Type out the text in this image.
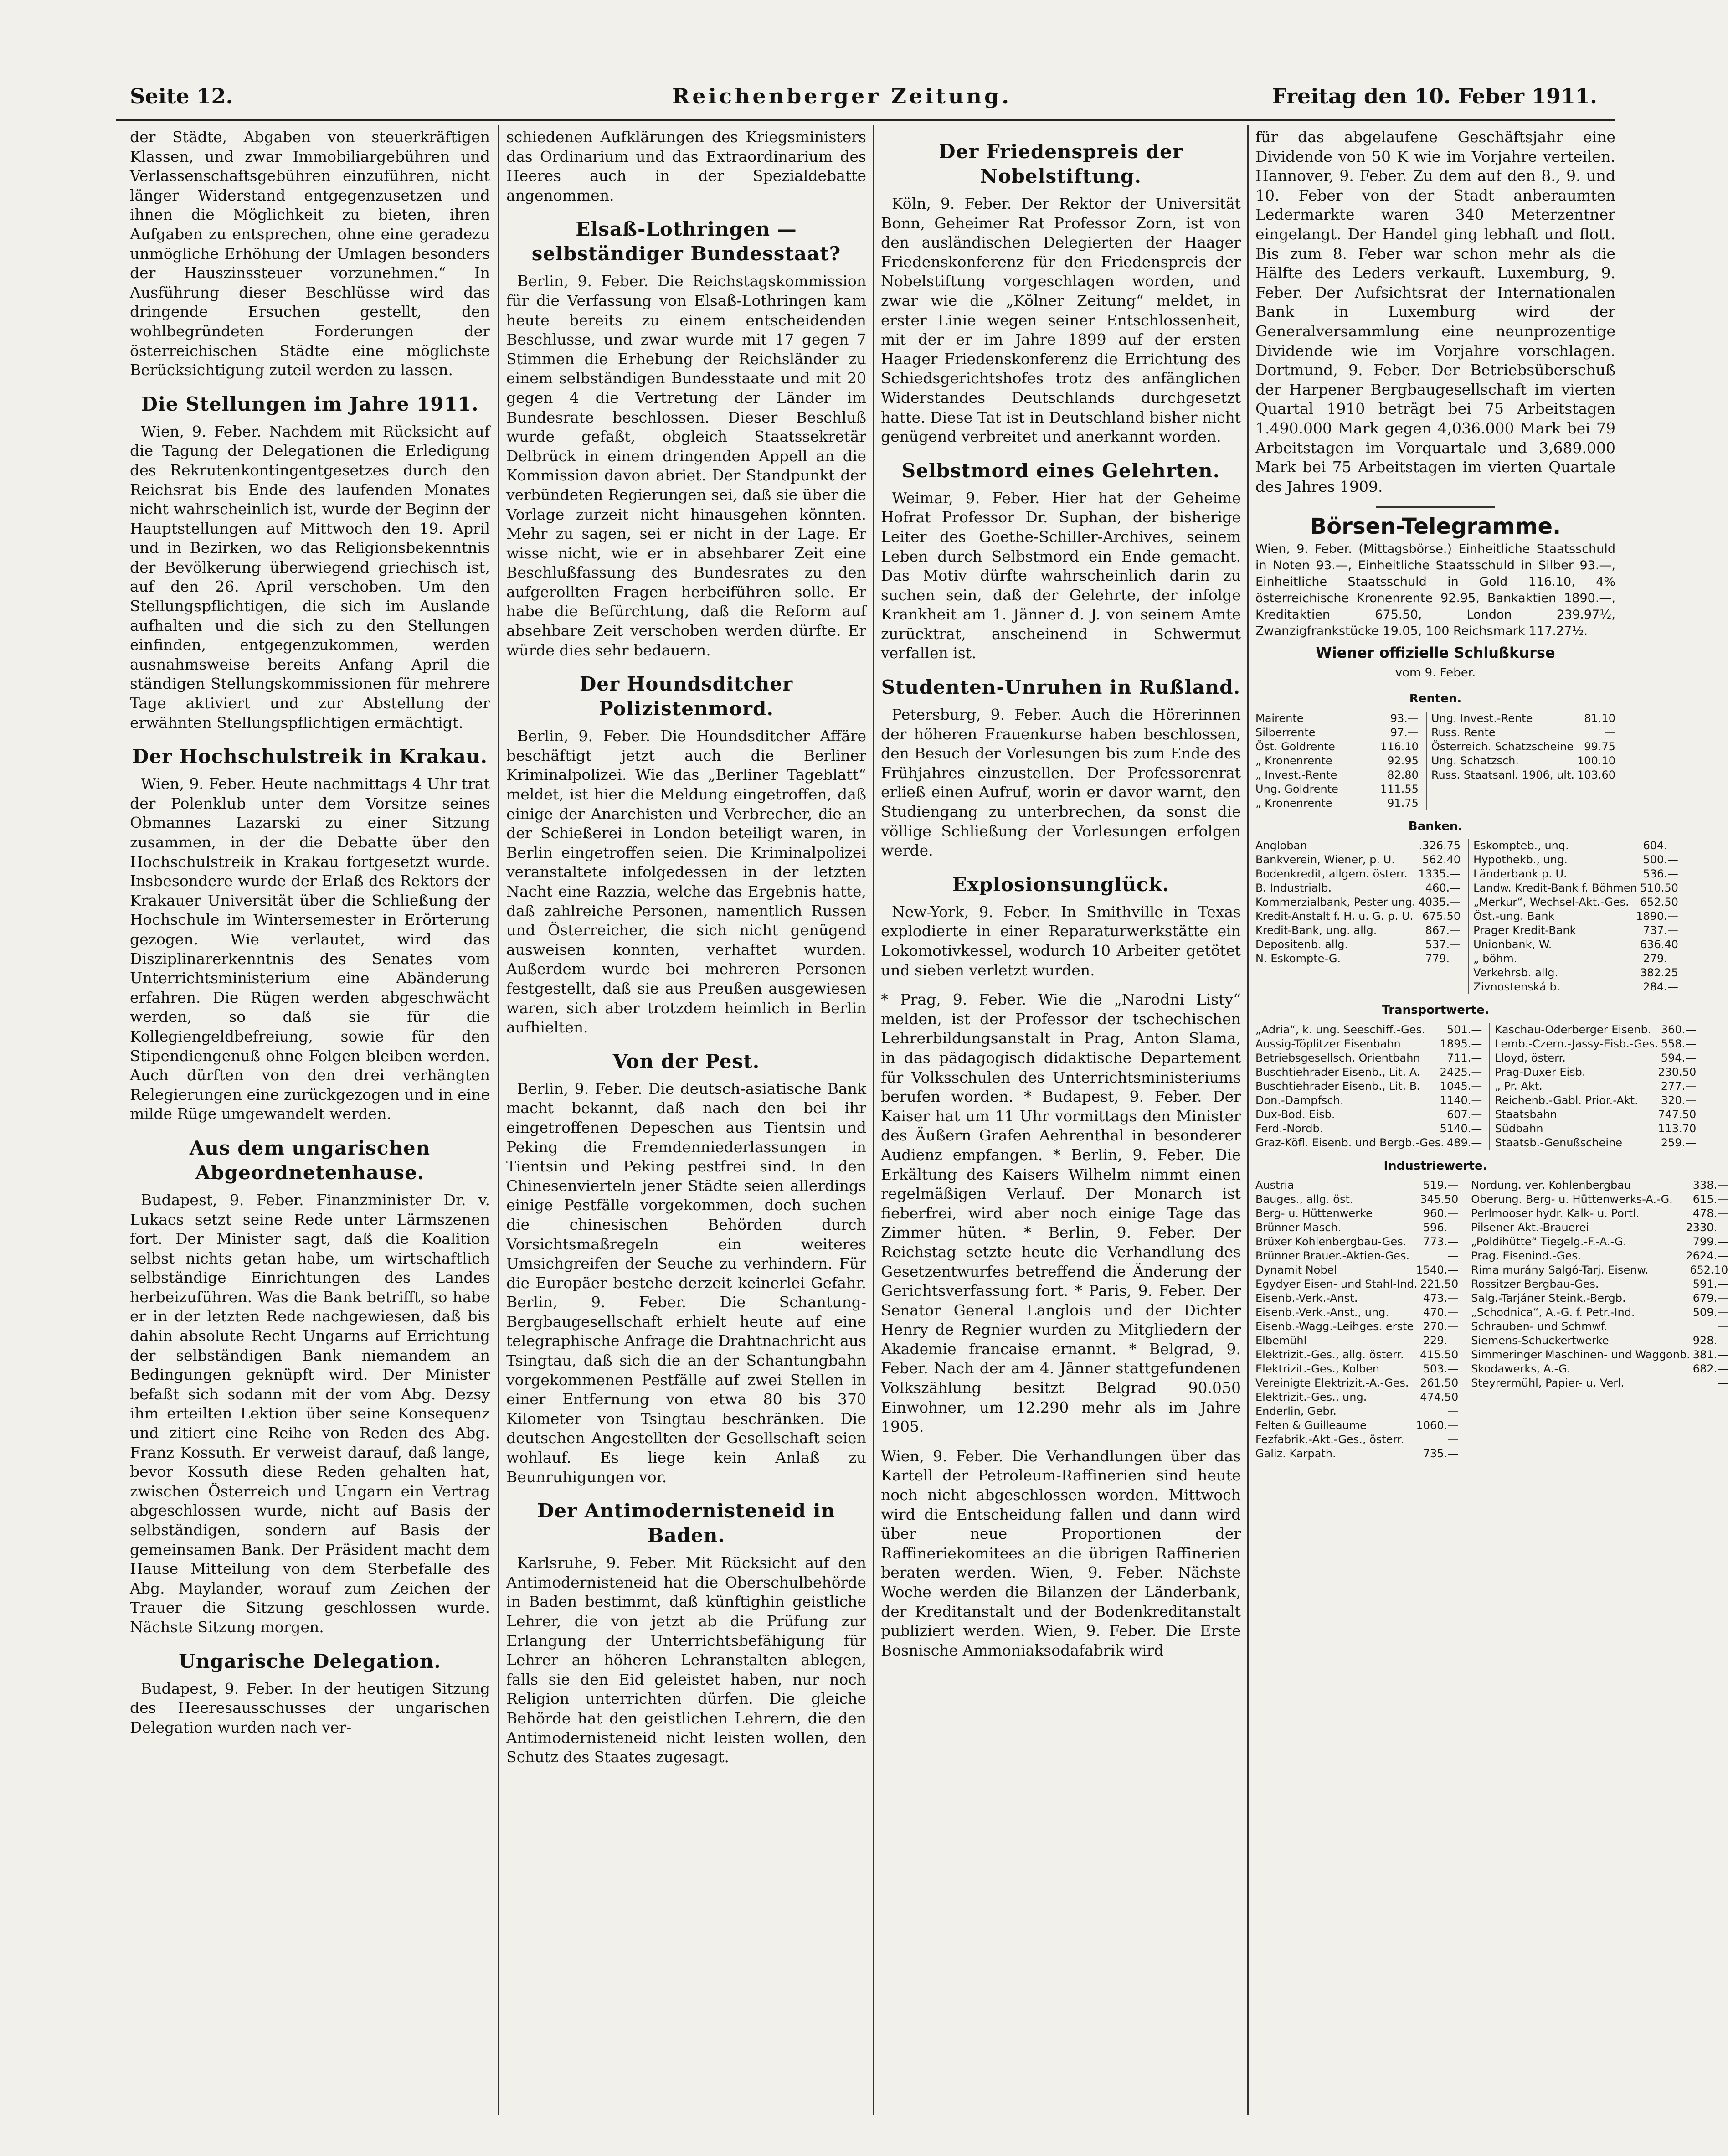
Seite 12.	Reichenberger Zeitung.	Freitag den 10. Feber 1911.

der Städte, Abgaben von steuerkräftigen Klassen, und zwar Immobiliargebühren und Verlassenschaftsgebühren einzuführen, nicht länger Widerstand entgegenzusetzen und ihnen die Möglichkeit zu bieten, ihren Aufgaben zu entsprechen, ohne eine geradezu unmögliche Erhöhung der Umlagen besonders der Hauszinssteuer vorzunehmen.“ In Ausführung dieser Beschlüsse wird das dringende Ersuchen gestellt, den wohlbegründeten Forderungen der österreichischen Städte eine möglichste Berücksichtigung zuteil werden zu lassen.

Die Stellungen im Jahre 1911.

Wien, 9. Feber. Nachdem mit Rücksicht auf die Tagung der Delegationen die Erledigung des Rekrutenkontingentgesetzes durch den Reichsrat bis Ende des laufenden Monates nicht wahrscheinlich ist, wurde der Beginn der Hauptstellungen auf Mittwoch den 19. April und in Bezirken, wo das Religionsbekenntnis der Bevölkerung überwiegend griechisch ist, auf den 26. April verschoben. Um den Stellungspflichtigen, die sich im Auslande aufhalten und die sich zu den Stellungen einfinden, entgegenzukommen, werden ausnahmsweise bereits Anfang April die ständigen Stellungskommissionen für mehrere Tage aktiviert und zur Abstellung der erwähnten Stellungspflichtigen ermächtigt.

Der Hochschulstreik in Krakau.

Wien, 9. Feber. Heute nachmittags 4 Uhr trat der Polenklub unter dem Vorsitze seines Obmannes Lazarski zu einer Sitzung zusammen, in der die Debatte über den Hochschulstreik in Krakau fortgesetzt wurde. Insbesondere wurde der Erlaß des Rektors der Krakauer Universität über die Schließung der Hochschule im Wintersemester in Erörterung gezogen. Wie verlautet, wird das Disziplinarerkenntnis des Senates vom Unterrichtsministerium eine Abänderung erfahren. Die Rügen werden abgeschwächt werden, so daß sie für die Kollegiengeldbefreiung, sowie für den Stipendiengenuß ohne Folgen bleiben werden. Auch dürften von den drei verhängten Relegierungen eine zurückgezogen und in eine milde Rüge umgewandelt werden.

Aus dem ungarischen Abgeordnetenhause.

Budapest, 9. Feber. Finanzminister Dr. v. Lukacs setzt seine Rede unter Lärmszenen fort. Der Minister sagt, daß die Koalition selbst nichts getan habe, um wirtschaftlich selbständige Einrichtungen des Landes herbeizuführen. Was die Bank betrifft, so habe er in der letzten Rede nachgewiesen, daß bis dahin absolute Recht Ungarns auf Errichtung der selbständigen Bank niemandem an Bedingungen geknüpft wird. Der Minister befaßt sich sodann mit der vom Abg. Dezsy ihm erteilten Lektion über seine Konsequenz und zitiert eine Reihe von Reden des Abg. Franz Kossuth. Er verweist darauf, daß lange, bevor Kossuth diese Reden gehalten hat, zwischen Österreich und Ungarn ein Vertrag abgeschlossen wurde, nicht auf Basis der selbständigen, sondern auf Basis der gemeinsamen Bank. Der Präsident macht dem Hause Mitteilung von dem Sterbefalle des Abg. Maylander, worauf zum Zeichen der Trauer die Sitzung geschlossen wurde. Nächste Sitzung morgen.

Ungarische Delegation.

Budapest, 9. Feber. In der heutigen Sitzung des Heeresausschusses der ungarischen Delegation wurden nach ver-

schiedenen Aufklärungen des Kriegsministers das Ordinarium und das Extraordinarium des Heeres auch in der Spezialdebatte angenommen.

Elsaß-Lothringen — selbständiger Bundesstaat?

Berlin, 9. Feber. Die Reichstagskommission für die Verfassung von Elsaß-Lothringen kam heute bereits zu einem entscheidenden Beschlusse, und zwar wurde mit 17 gegen 7 Stimmen die Erhebung der Reichsländer zu einem selbständigen Bundesstaate und mit 20 gegen 4 die Vertretung der Länder im Bundesrate beschlossen. Dieser Beschluß wurde gefaßt, obgleich Staatssekretär Delbrück in einem dringenden Appell an die Kommission davon abriet. Der Standpunkt der verbündeten Regierungen sei, daß sie über die Vorlage zurzeit nicht hinausgehen könnten. Mehr zu sagen, sei er nicht in der Lage. Er wisse nicht, wie er in absehbarer Zeit eine Beschlußfassung des Bundesrates zu den aufgerollten Fragen herbeiführen solle. Er habe die Befürchtung, daß die Reform auf absehbare Zeit verschoben werden dürfte. Er würde dies sehr bedauern.

Der Houndsditcher Polizistenmord.

Berlin, 9. Feber. Die Houndsditcher Affäre beschäftigt jetzt auch die Berliner Kriminalpolizei. Wie das „Berliner Tageblatt“ meldet, ist hier die Meldung eingetroffen, daß einige der Anarchisten und Verbrecher, die an der Schießerei in London beteiligt waren, in Berlin eingetroffen seien. Die Kriminalpolizei veranstaltete infolgedessen in der letzten Nacht eine Razzia, welche das Ergebnis hatte, daß zahlreiche Personen, namentlich Russen und Österreicher, die sich nicht genügend ausweisen konnten, verhaftet wurden. Außerdem wurde bei mehreren Personen festgestellt, daß sie aus Preußen ausgewiesen waren, sich aber trotzdem heimlich in Berlin aufhielten.

Von der Pest.

Berlin, 9. Feber. Die deutsch-asiatische Bank macht bekannt, daß nach den bei ihr eingetroffenen Depeschen aus Tientsin und Peking die Fremdenniederlassungen in Tientsin und Peking pestfrei sind. In den Chinesenvierteln jener Städte seien allerdings einige Pestfälle vorgekommen, doch suchen die chinesischen Behörden durch Vorsichtsmaßregeln ein weiteres Umsichgreifen der Seuche zu verhindern. Für die Europäer bestehe derzeit keinerlei Gefahr. Berlin, 9. Feber. Die Schantung-Bergbaugesellschaft erhielt heute auf eine telegraphische Anfrage die Drahtnachricht aus Tsingtau, daß sich die an der Schantungbahn vorgekommenen Pestfälle auf zwei Stellen in einer Entfernung von etwa 80 bis 370 Kilometer von Tsingtau beschränken. Die deutschen Angestellten der Gesellschaft seien wohlauf. Es liege kein Anlaß zu Beunruhigungen vor.

Der Antimodernisteneid in Baden.

Karlsruhe, 9. Feber. Mit Rücksicht auf den Antimodernisteneid hat die Oberschulbehörde in Baden bestimmt, daß künftighin geistliche Lehrer, die von jetzt ab die Prüfung zur Erlangung der Unterrichtsbefähigung für Lehrer an höheren Lehranstalten ablegen, falls sie den Eid geleistet haben, nur noch Religion unterrichten dürfen. Die gleiche Behörde hat den geistlichen Lehrern, die den Antimodernisteneid nicht leisten wollen, den Schutz des Staates zugesagt.

Der Friedenspreis der Nobelstiftung.

Köln, 9. Feber. Der Rektor der Universität Bonn, Geheimer Rat Professor Zorn, ist von den ausländischen Delegierten der Haager Friedenskonferenz für den Friedenspreis der Nobelstiftung vorgeschlagen worden, und zwar wie die „Kölner Zeitung“ meldet, in erster Linie wegen seiner Entschlossenheit, mit der er im Jahre 1899 auf der ersten Haager Friedenskonferenz die Errichtung des Schiedsgerichtshofes trotz des anfänglichen Widerstandes Deutschlands durchgesetzt hatte. Diese Tat ist in Deutschland bisher nicht genügend verbreitet und anerkannt worden.

Selbstmord eines Gelehrten.

Weimar, 9. Feber. Hier hat der Geheime Hofrat Professor Dr. Suphan, der bisherige Leiter des Goethe-Schiller-Archives, seinem Leben durch Selbstmord ein Ende gemacht. Das Motiv dürfte wahrscheinlich darin zu suchen sein, daß der Gelehrte, der infolge Krankheit am 1. Jänner d. J. von seinem Amte zurücktrat, anscheinend in Schwermut verfallen ist.

Studenten-Unruhen in Rußland.

Petersburg, 9. Feber. Auch die Hörerinnen der höheren Frauenkurse haben beschlossen, den Besuch der Vorlesungen bis zum Ende des Frühjahres einzustellen. Der Professorenrat erließ einen Aufruf, worin er davor warnt, den Studiengang zu unterbrechen, da sonst die völlige Schließung der Vorlesungen erfolgen werde.

Explosionsunglück.

New-York, 9. Feber. In Smithville in Texas explodierte in einer Reparaturwerkstätte ein Lokomotivkessel, wodurch 10 Arbeiter getötet und sieben verletzt wurden.

* Prag, 9. Feber. Wie die „Narodni Listy“ melden, ist der Professor der tschechischen Lehrerbildungsanstalt in Prag, Anton Slama, in das pädagogisch didaktische Departement für Volksschulen des Unterrichtsministeriums berufen worden. * Budapest, 9. Feber. Der Kaiser hat um 11 Uhr vormittags den Minister des Äußern Grafen Aehrenthal in besonderer Audienz empfangen. * Berlin, 9. Feber. Die Erkältung des Kaisers Wilhelm nimmt einen regelmäßigen Verlauf. Der Monarch ist fieberfrei, wird aber noch einige Tage das Zimmer hüten. * Berlin, 9. Feber. Der Reichstag setzte heute die Verhandlung des Gesetzentwurfes betreffend die Änderung der Gerichtsverfassung fort. * Paris, 9. Feber. Der Senator General Langlois und der Dichter Henry de Regnier wurden zu Mitgliedern der Akademie francaise ernannt. * Belgrad, 9. Feber. Nach der am 4. Jänner stattgefundenen Volkszählung besitzt Belgrad 90.050 Einwohner, um 12.290 mehr als im Jahre 1905.

Wien, 9. Feber. Die Verhandlungen über das Kartell der Petroleum-Raffinerien sind heute noch nicht abgeschlossen worden. Mittwoch wird die Entscheidung fallen und dann wird über neue Proportionen der Raffineriekomitees an die übrigen Raffinerien beraten werden. Wien, 9. Feber. Nächste Woche werden die Bilanzen der Länderbank, der Kreditanstalt und der Bodenkreditanstalt publiziert werden. Wien, 9. Feber. Die Erste Bosnische Ammoniaksodafabrik wird

für das abgelaufene Geschäftsjahr eine Dividende von 50 K wie im Vorjahre verteilen. Hannover, 9. Feber. Zu dem auf den 8., 9. und 10. Feber von der Stadt anberaumten Ledermarkte waren 340 Meterzentner eingelangt. Der Handel ging lebhaft und flott. Bis zum 8. Feber war schon mehr als die Hälfte des Leders verkauft. Luxemburg, 9. Feber. Der Aufsichtsrat der Internationalen Bank in Luxemburg wird der Generalversammlung eine neunprozentige Dividende wie im Vorjahre vorschlagen. Dortmund, 9. Feber. Der Betriebsüberschuß der Harpener Bergbaugesellschaft im vierten Quartal 1910 beträgt bei 75 Arbeitstagen 1.490.000 Mark gegen 4,036.000 Mark bei 79 Arbeitstagen im Vorquartale und 3,689.000 Mark bei 75 Arbeitstagen im vierten Quartale des Jahres 1909.

Börsen-Telegramme.

Wien, 9. Feber. (Mittagsbörse.) Einheitliche Staatsschuld in Noten 93.—, Einheitliche Staatsschuld in Silber 93.—, Einheitliche Staatsschuld in Gold 116.10, 4% österreichische Kronenrente 92.95, Bankaktien 1890.—, Kreditaktien 675.50, London 239.97½, Zwanzigfrankstücke 19.05, 100 Reichsmark 117.27½.

Wiener offizielle Schlußkurse
vom 9. Feber.
Renten.
Mairente	93.—
Silberrente	97.—
Öst. Goldrente	116.10
„ Kronenrente	92.95
„ Invest.-Rente	82.80
Ung. Goldrente	111.55
„ Kronenrente	91.75
Ung. Invest.-Rente	81.10
Russ. Rente	—
Österreich. Schatzscheine 99.75
Ung. Schatzsch.	100.10
Russ. Staatsanl. 1906, ult. 103.60
Banken.
Angloban	.326.75
Bankverein, Wiener, p. U.	562.40
Bodenkredit, allgem. österr. 1335.—
B. Industrialb.	460.—
Kommerzialbank, Pester ung. 4035.—
Kredit-Anstalt f. H. u. G. p. U. 675.50
Kredit-Bank, ung. allg.	867.—
Depositenb. allg.	537.—
N. Eskompte-G.	779.—
Eskompteb., ung.	604.—
Hypothekb., ung.	500.—
Länderbank p. U.	536.—
Landw. Kredit-Bank f. Böhmen 510.50
„Merkur“, Wechsel-Akt.-Ges. 652.50
Öst.-ung. Bank	1890.—
Prager Kredit-Bank	737.—
Unionbank, W.	636.40
„ böhm.	279.—
Verkehrsb. allg.	382.25
Zivnostenská b.	284.—
Transportwerte.
„Adria“, k. ung. Seeschiff.-Ges. 501.—
Aussig-Töplitzer Eisenbahn	1895.—
Betriebsgesellsch. Orientbahn 711.—
Buschtiehrader Eisenb., Lit. A. 2425.—
Buschtiehrader Eisenb., Lit. B. 1045.—
Don.-Dampfsch.	1140.—
Dux-Bod. Eisb.	607.—
Ferd.-Nordb.	5140.—
Graz-Köfl. Eisenb. und Bergb.-Ges. 489.—
Kaschau-Oderberger Eisenb. 360.—
Lemb.-Czern.-Jassy-Eisb.-Ges. 558.—
Lloyd, österr.	594.—
Prag-Duxer Eisb.	230.50
„ Pr. Akt.	277.—
Reichenb.-Gabl. Prior.-Akt. 320.—
Staatsbahn	747.50
Südbahn	113.70
Staatsb.-Genußscheine	259.—
Industriewerte.
Austria	519.—
Bauges., allg. öst.	345.50
Berg- u. Hüttenwerke	960.—
Brünner Masch.	596.—
Brüxer Kohlenbergbau-Ges. 773.—
Brünner Brauer.-Aktien-Ges.	—
Dynamit Nobel	1540.—
Egydyer Eisen- und Stahl-Ind. 221.50
Eisenb.-Verk.-Anst.	473.—
Eisenb.-Verk.-Anst., ung.	470.—
Eisenb.-Wagg.-Leihges. erste 270.—
Elbemühl	229.—
Elektrizit.-Ges., allg. österr. 415.50
Elektrizit.-Ges., Kolben	503.—
Vereinigte Elektrizit.-A.-Ges. 261.50
Elektrizit.-Ges., ung.	474.50
Enderlin, Gebr.	—
Felten & Guilleaume	1060.—
Fezfabrik.-Akt.-Ges., österr.	—
Galiz. Karpath.	735.—
Nordung. ver. Kohlenbergbau	338.—
Oberung. Berg- u. Hüttenwerks-A.-G. 615.—
Perlmooser hydr. Kalk- u. Portl.	478.—
Pilsener Akt.-Brauerei	2330.—
„Poldihütte“ Tiegelg.-F.-A.-G.	799.—
Prag. Eisenind.-Ges.	2624.—
Rima murány Salgó-Tarj. Eisenw.	652.10
Rossitzer Bergbau-Ges.	591.—
Salg.-Tarjáner Steink.-Bergb.	679.—
„Schodnica“, A.-G. f. Petr.-Ind.	509.—
Schrauben- und Schmwf.	—
Siemens-Schuckertwerke	928.—
Simmeringer Maschinen- und Waggonb. 381.—
Skodawerks, A.-G.	682.—
Steyrermühl, Papier- u. Verl.	—
